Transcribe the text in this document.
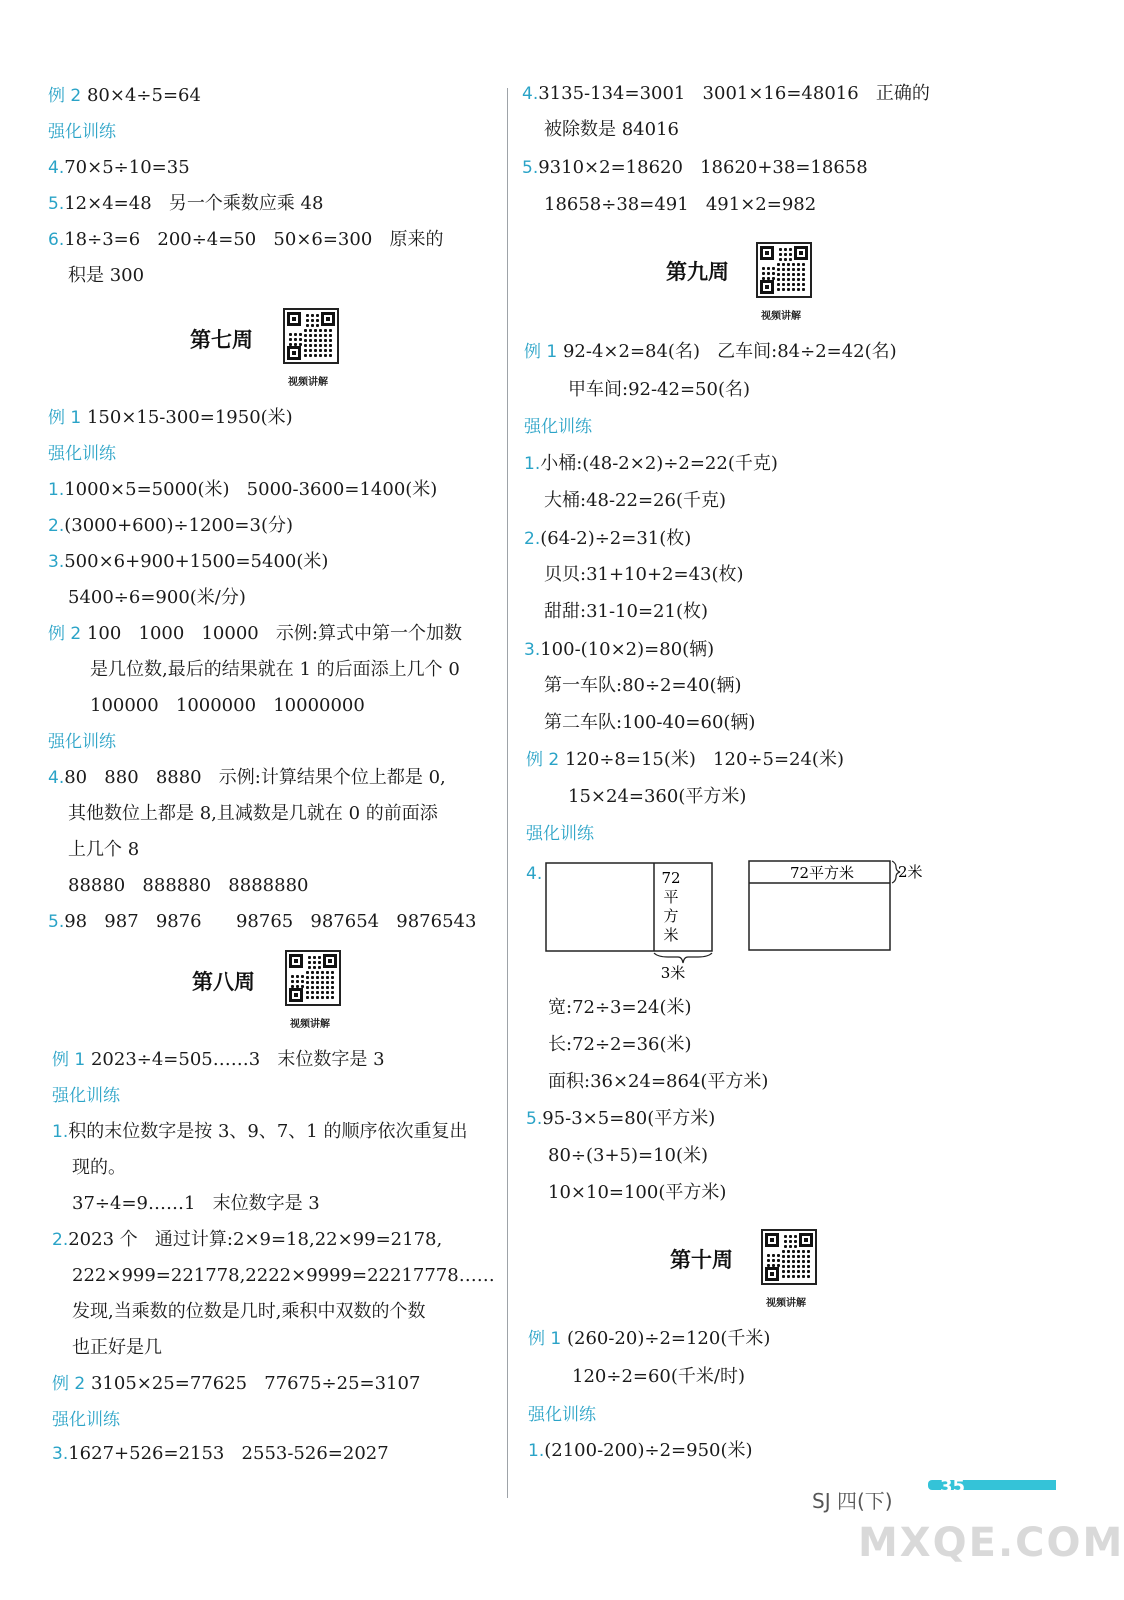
例 2 80×4÷5=64
强化训练
4.70×5÷10=35
5.12×4=48   另一个乘数应乘 48
6.18÷3=6   200÷4=50   50×6=300   原来的
积是 300
第七周
视频讲解
例 1 150×15-300=1950(米)
强化训练
1.1000×5=5000(米)   5000-3600=1400(米)
2.(3000+600)÷1200=3(分)
3.500×6+900+1500=5400(米)
5400÷6=900(米/分)
例 2 100   1000   10000   示例:算式中第一个加数
是几位数,最后的结果就在 1 的后面添上几个 0
100000   1000000   10000000
强化训练
4.80   880   8880   示例:计算结果个位上都是 0,
其他数位上都是 8,且减数是几就在 0 的前面添
上几个 8
88880   888880   8888880
5.98   987   9876      98765   987654   9876543
第八周
视频讲解
例 1 2023÷4=505……3   末位数字是 3
强化训练
1.积的末位数字是按 3、9、7、1 的顺序依次重复出
现的。
37÷4=9……1   末位数字是 3
2.2023 个   通过计算:2×9=18,22×99=2178,
222×999=221778,2222×9999=22217778……
发现,当乘数的位数是几时,乘积中双数的个数
也正好是几
例 2 3105×25=77625   77675÷25=3107
强化训练
3.1627+526=2153   2553-526=2027
4.3135-134=3001   3001×16=48016   正确的
被除数是 84016
5.9310×2=18620   18620+38=18658
18658÷38=491   491×2=982
第九周
视频讲解
例 1 92-4×2=84(名)   乙车间:84÷2=42(名)
甲车间:92-42=50(名)
强化训练
1.小桶:(48-2×2)÷2=22(千克)
大桶:48-22=26(千克)
2.(64-2)÷2=31(枚)
贝贝:31+10+2=43(枚)
甜甜:31-10=21(枚)
3.100-(10×2)=80(辆)
第一车队:80÷2=40(辆)
第二车队:100-40=60(辆)
例 2 120÷8=15(米)   120÷5=24(米)
15×24=360(平方米)
强化训练
4.	72
平
方
米
3米
72平方米	2米
宽:72÷3=24(米)
长:72÷2=36(米)
面积:36×24=864(平方米)
5.95-3×5=80(平方米)
80÷(3+5)=10(米)
10×10=100(平方米)
第十周
视频讲解
例 1 (260-20)÷2=120(千米)
120÷2=60(千米/时)
强化训练
1.(2100-200)÷2=950(米)
SJ 四(下)
35
MXQE.COM
